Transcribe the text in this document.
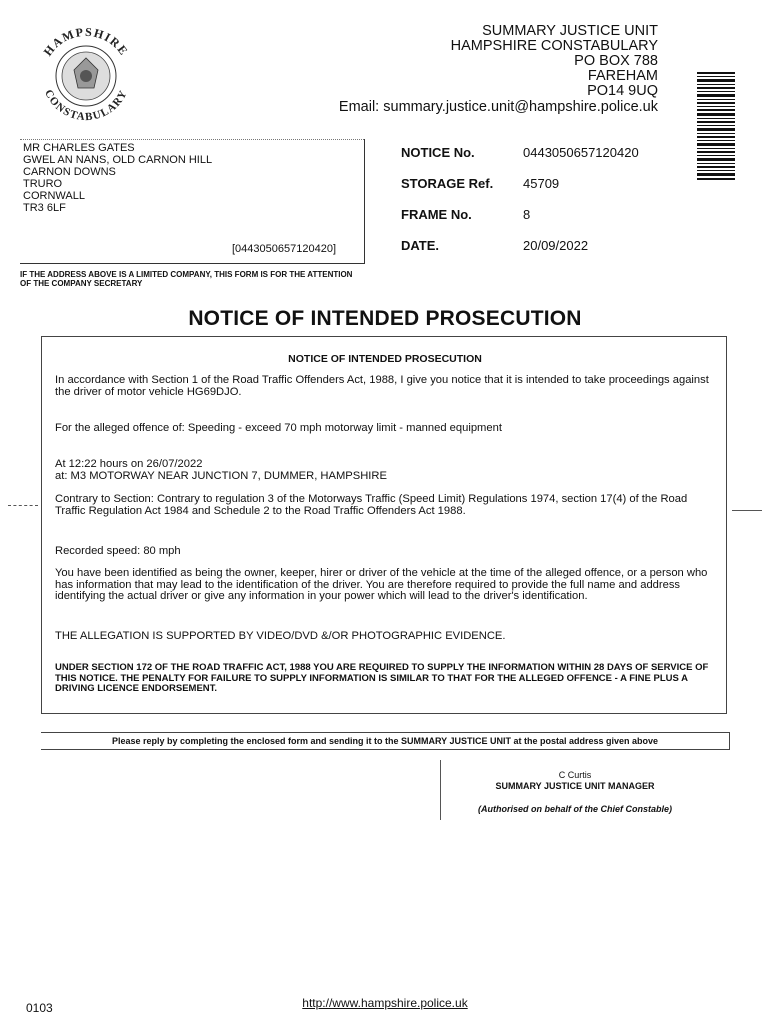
HAMPSHIRE
CONSTABULARY
SUMMARY JUSTICE UNIT
HAMPSHIRE CONSTABULARY
PO BOX 788
FAREHAM
PO14 9UQ
Email: summary.justice.unit@hampshire.police.uk
MR CHARLES GATES
GWEL AN NANS, OLD CARNON HILL
CARNON DOWNS
TRURO
CORNWALL
TR3 6LF
[0443050657120420]
IF THE ADDRESS ABOVE IS A LIMITED COMPANY, THIS FORM IS FOR THE ATTENTION OF THE COMPANY SECRETARY
NOTICE No.	0443050657120420
STORAGE Ref. 45709
FRAME No.	8
DATE.	20/09/2022
NOTICE OF INTENDED PROSECUTION
NOTICE OF INTENDED PROSECUTION
In accordance with Section 1 of the Road Traffic Offenders Act, 1988, I give you notice that it is intended to take proceedings against the driver of motor vehicle HG69DJO.
For the alleged offence of: Speeding - exceed 70 mph motorway limit - manned equipment
At 12:22 hours on 26/07/2022
at: M3 MOTORWAY NEAR JUNCTION 7, DUMMER, HAMPSHIRE
Contrary to Section: Contrary to regulation 3 of the Motorways Traffic (Speed Limit) Regulations 1974, section 17(4) of the Road Traffic Regulation Act 1984 and Schedule 2 to the Road Traffic Offenders Act 1988.
Recorded speed: 80 mph
You have been identified as being the owner, keeper, hirer or driver of the vehicle at the time of the alleged offence, or a person who has information that may lead to the identification of the driver. You are therefore required to provide the full name and address identifying the actual driver or give any information in your power which will lead to the driver's identification.
THE ALLEGATION IS SUPPORTED BY VIDEO/DVD &/OR PHOTOGRAPHIC EVIDENCE.
UNDER SECTION 172 OF THE ROAD TRAFFIC ACT, 1988 YOU ARE REQUIRED TO SUPPLY THE INFORMATION WITHIN 28 DAYS OF SERVICE OF THIS NOTICE. THE PENALTY FOR FAILURE TO SUPPLY INFORMATION IS SIMILAR TO THAT FOR THE ALLEGED OFFENCE - A FINE PLUS A DRIVING LICENCE ENDORSEMENT.
Please reply by completing the enclosed form and sending it to the SUMMARY JUSTICE UNIT at the postal address given above
C Curtis
SUMMARY JUSTICE UNIT MANAGER
(Authorised on behalf of the Chief Constable)
0103	http://www.hampshire.police.uk
